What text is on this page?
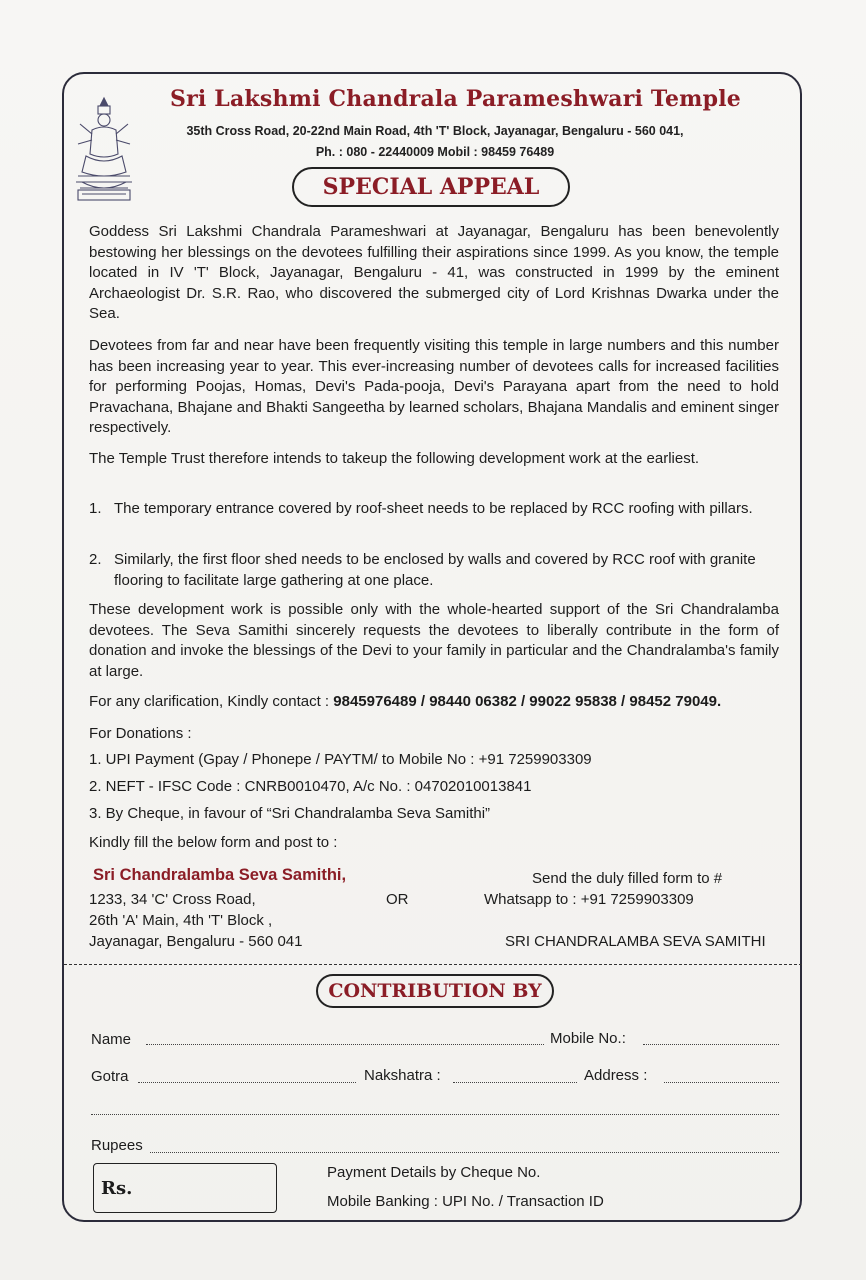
Sri Lakshmi Chandrala Parameshwari Temple
35th Cross Road, 20-22nd Main Road, 4th 'T' Block, Jayanagar, Bengaluru - 560 041,
Ph. : 080 - 22440009 Mobil : 98459 76489
SPECIAL APPEAL

Goddess Sri Lakshmi Chandrala Parameshwari at Jayanagar, Bengaluru has been benevolently bestowing her blessings on the devotees fulfilling their aspirations since 1999. As you know, the temple located in IV 'T' Block, Jayanagar, Bengaluru - 41, was constructed in 1999 by the eminent Archaeologist Dr. S.R. Rao, who discovered the submerged city of Lord Krishnas Dwarka under the Sea.

Devotees from far and near have been frequently visiting this temple in large numbers and this number has been increasing year to year. This ever-increasing number of devotees calls for increased facilities for performing Poojas, Homas, Devi's Pada-pooja, Devi's Parayana apart from the need to hold Pravachana, Bhajane and Bhakti Sangeetha by learned scholars, Bhajana Mandalis and eminent singer respectively.

The Temple Trust therefore intends to takeup the following development work at the earliest.

1. The temporary entrance covered by roof-sheet needs to be replaced by RCC roofing with pillars.

2. Similarly, the first floor shed needs to be enclosed by walls and covered by RCC roof with granite flooring to facilitate large gathering at one place.

These development work is possible only with the whole-hearted support of the Sri Chandralamba devotees. The Seva Samithi sincerely requests the devotees to liberally contribute in the form of donation and invoke the blessings of the Devi to your family in particular and the Chandralamba's family at large.

For any clarification, Kindly contact : 9845976489 / 98440 06382 / 99022 95838 / 98452 79049.
For Donations :
1. UPI Payment (Gpay / Phonepe / PAYTM/ to Mobile No : +91 7259903309
2. NEFT - IFSC Code : CNRB0010470, A/c No. : 04702010013841
3. By Cheque, in favour of “Sri Chandralamba Seva Samithi”
Kindly fill the below form and post to :
Sri Chandralamba Seva Samithi,
1233, 34 'C' Cross Road,
26th 'A' Main, 4th 'T' Block ,
Jayanagar, Bengaluru - 560 041
OR
Send the duly filled form to #
Whatsapp to : +91 7259903309
SRI CHANDRALAMBA SEVA SAMITHI
CONTRIBUTION BY
Name	Mobile No.:
Gotra	Nakshatra :	Address :
Rupees
Rs.
Payment Details by Cheque No.
Mobile Banking : UPI No. / Transaction ID
